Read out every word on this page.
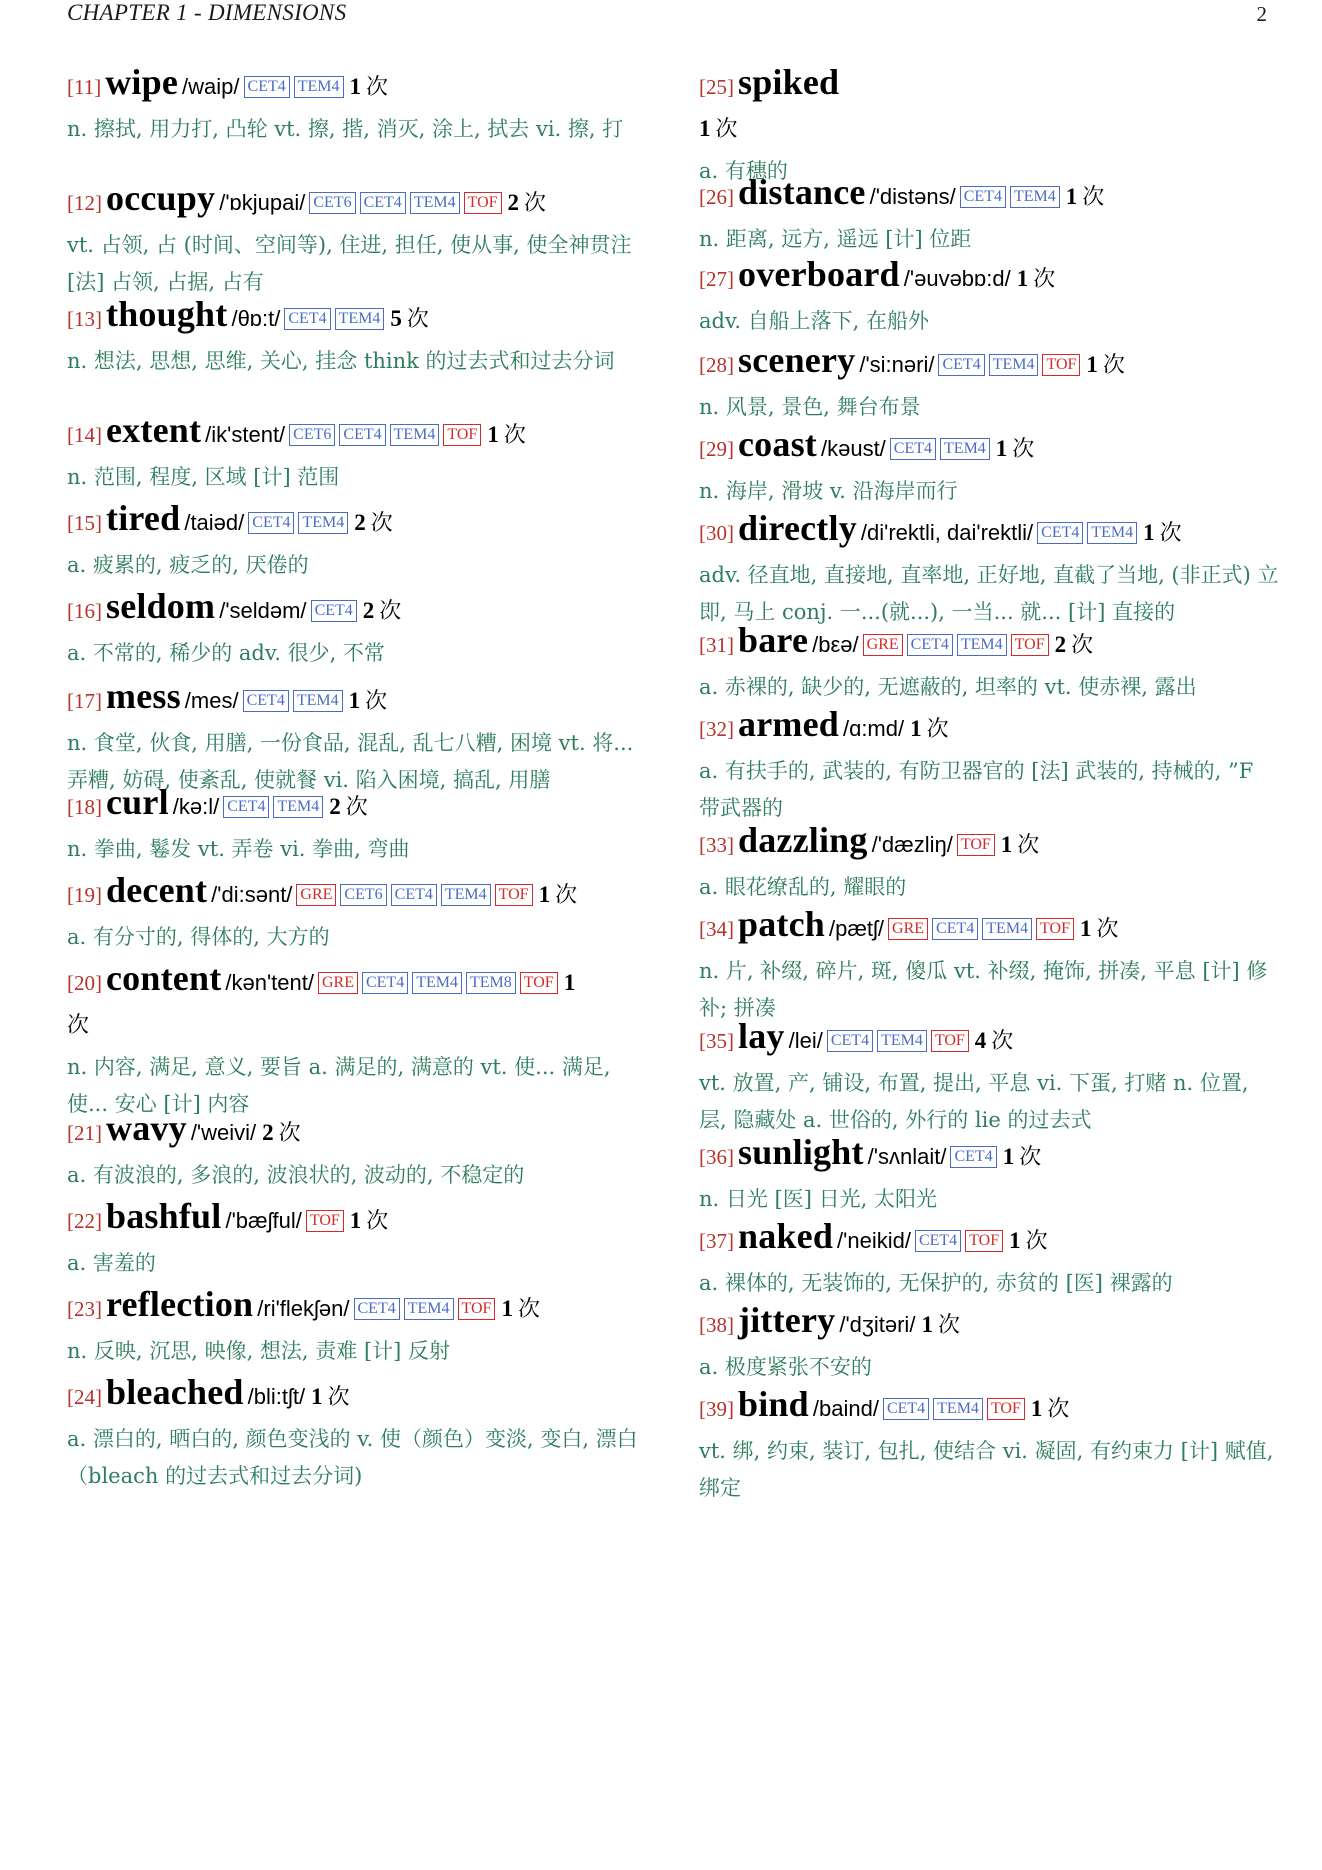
CHAPTER 1 - DIMENSIONS	2
[11] wipe /waip/ CET4 TEM4 1 次
n. 擦拭, 用力打, 凸轮 vt. 擦, 揩, 消灭, 涂上, 拭去 vi. 擦, 打
[12] occupy /'ɒkjupai/ CET6 CET4 TEM4 TOF 2 次
vt. 占领, 占 (时间、空间等), 住进, 担任, 使从事, 使全神贯注 [法] 占领, 占据, 占有
[13] thought /θɒ:t/ CET4 TEM4 5 次
n. 想法, 思想, 思维, 关心, 挂念 think 的过去式和过去分词
[14] extent /ik'stent/ CET6 CET4 TEM4 TOF 1 次
n. 范围, 程度, 区域 [计] 范围
[15] tired /taiəd/ CET4 TEM4 2 次
a. 疲累的, 疲乏的, 厌倦的
[16] seldom /'seldəm/ CET4 2 次
a. 不常的, 稀少的 adv. 很少, 不常
[17] mess /mes/ CET4 TEM4 1 次
n. 食堂, 伙食, 用膳, 一份食品, 混乱, 乱七八糟, 困境 vt. 将... 弄糟, 妨碍, 使紊乱, 使就餐 vi. 陷入困境, 搞乱, 用膳
[18] curl /kə:l/ CET4 TEM4 2 次
n. 拳曲, 鬈发 vt. 弄卷 vi. 拳曲, 弯曲
[19] decent /'di:sənt/ GRE CET6 CET4 TEM4 TOF 1 次
a. 有分寸的, 得体的, 大方的
[20] content /kən'tent/ GRE CET4 TEM4 TEM8 TOF 1
次
n. 内容, 满足, 意义, 要旨 a. 满足的, 满意的 vt. 使... 满足, 使... 安心 [计] 内容
[21] wavy /'weivi/ 2 次
a. 有波浪的, 多浪的, 波浪状的, 波动的, 不稳定的
[22] bashful /'bæʃful/ TOF 1 次
a. 害羞的
[23] reflection /ri'flekʃən/ CET4 TEM4 TOF 1 次
n. 反映, 沉思, 映像, 想法, 责难 [计] 反射
[24] bleached /bli:tʃt/ 1 次
a. 漂白的, 晒白的, 颜色变浅的 v. 使（颜色）变淡, 变白, 漂白（bleach 的过去式和过去分词)
[25] spiked
1 次
a. 有穗的
[26] distance /'distəns/ CET4 TEM4 1 次
n. 距离, 远方, 遥远 [计] 位距
[27] overboard /'əuvəbɒ:d/ 1 次
adv. 自船上落下, 在船外
[28] scenery /'si:nəri/ CET4 TEM4 TOF 1 次
n. 风景, 景色, 舞台布景
[29] coast /kəust/ CET4 TEM4 1 次
n. 海岸, 滑坡 v. 沿海岸而行
[30] directly /di'rektli, dai'rektli/ CET4 TEM4 1 次
adv. 径直地, 直接地, 直率地, 正好地, 直截了当地, (非正式) 立即, 马上 conj. 一...(就...), 一当... 就... [计] 直接的
[31] bare /bεə/ GRE CET4 TEM4 TOF 2 次
a. 赤裸的, 缺少的, 无遮蔽的, 坦率的 vt. 使赤裸, 露出
[32] armed /ɑ:md/ 1 次
a. 有扶手的, 武装的, 有防卫器官的 [法] 武装的, 持械的, ”F 带武器的
[33] dazzling /'dæzliŋ/ TOF 1 次
a. 眼花缭乱的, 耀眼的
[34] patch /pætʃ/ GRE CET4 TEM4 TOF 1 次
n. 片, 补缀, 碎片, 斑, 傻瓜 vt. 补缀, 掩饰, 拼凑, 平息 [计] 修补; 拼凑
[35] lay /lei/ CET4 TEM4 TOF 4 次
vt. 放置, 产, 铺设, 布置, 提出, 平息 vi. 下蛋, 打赌 n. 位置, 层, 隐藏处 a. 世俗的, 外行的 lie 的过去式
[36] sunlight /'sʌnlait/ CET4 1 次
n. 日光 [医] 日光, 太阳光
[37] naked /'neikid/ CET4 TOF 1 次
a. 裸体的, 无装饰的, 无保护的, 赤贫的 [医] 裸露的
[38] jittery /'dʒitəri/ 1 次
a. 极度紧张不安的
[39] bind /baind/ CET4 TEM4 TOF 1 次
vt. 绑, 约束, 装订, 包扎, 使结合 vi. 凝固, 有约束力 [计] 赋值, 绑定
